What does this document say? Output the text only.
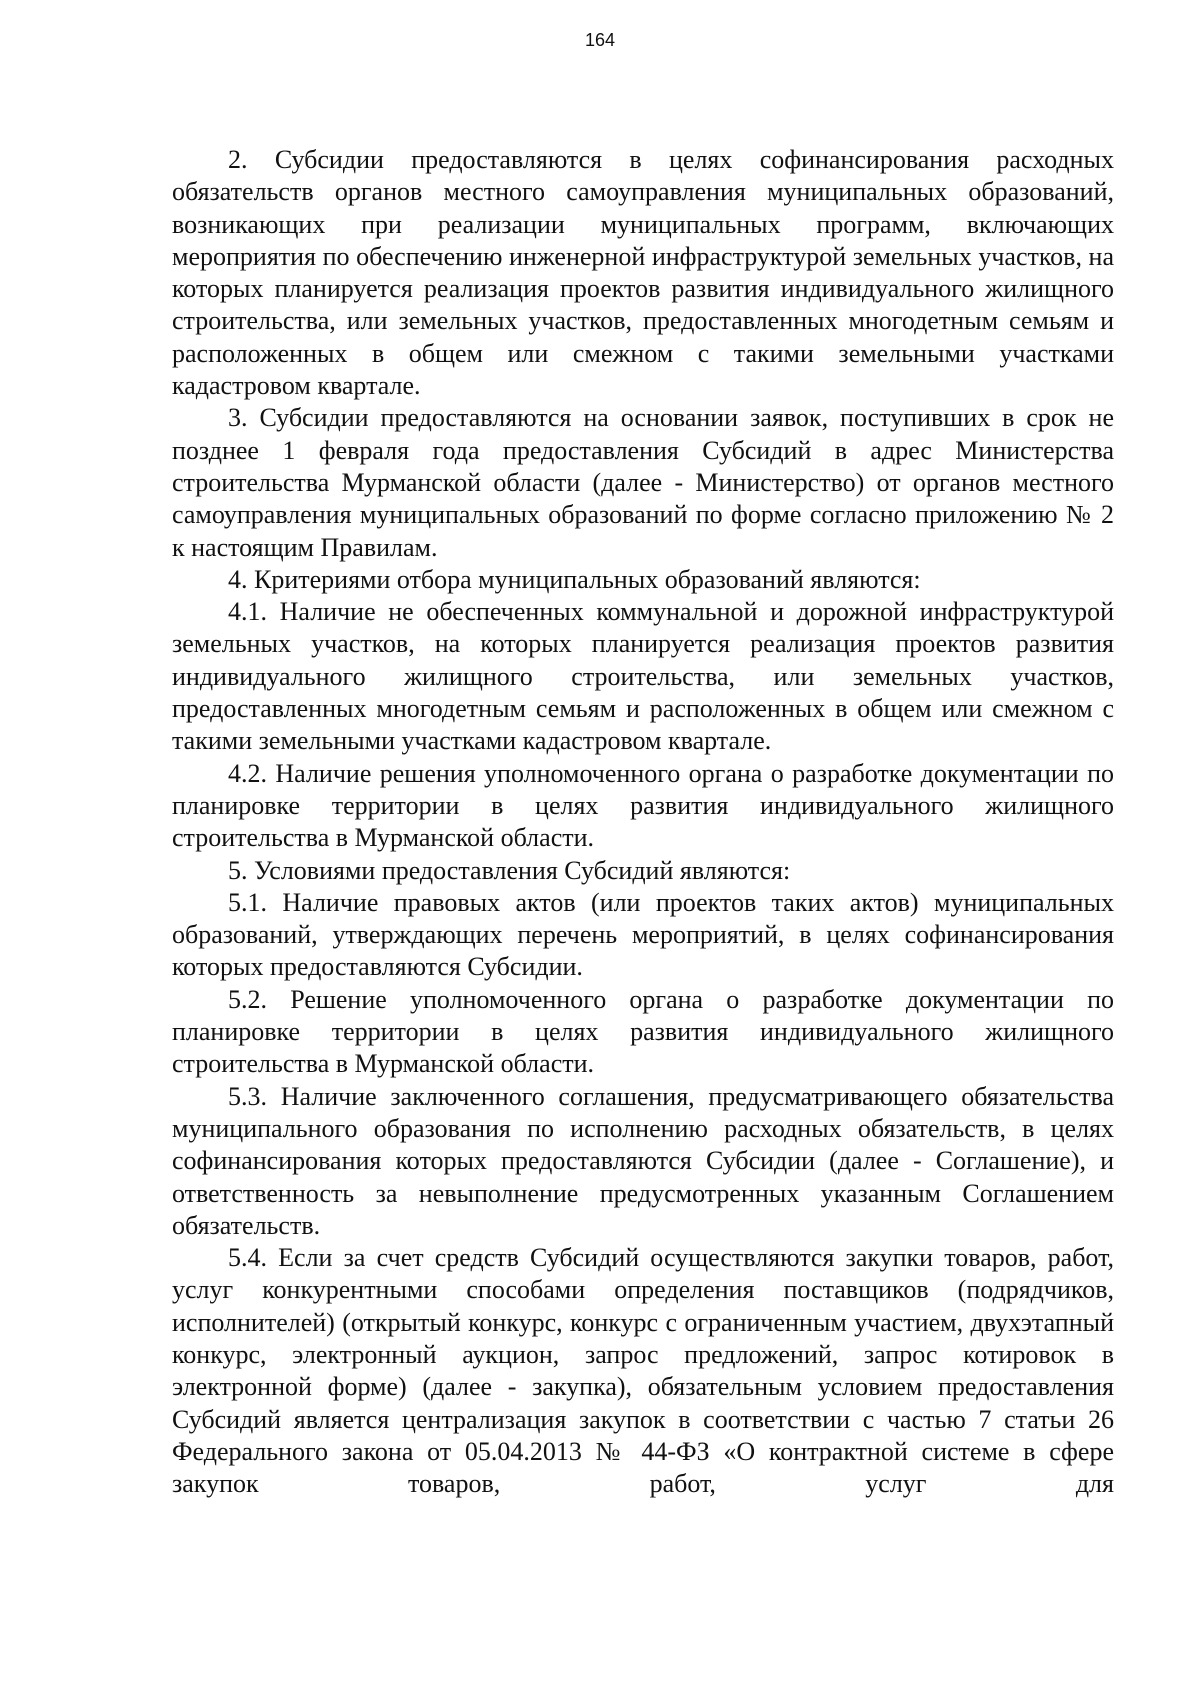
164

2. Субсидии предоставляются в целях софинансирования расходных обязательств органов местного самоуправления муниципальных образований, возникающих при реализации муниципальных программ, включающих мероприятия по обеспечению инженерной инфраструктурой земельных участков, на которых планируется реализация проектов развития индивидуального жилищного строительства, или земельных участков, предоставленных многодетным семьям и расположенных в общем или смежном с такими земельными участками кадастровом квартале.

3. Субсидии предоставляются на основании заявок, поступивших в срок не позднее 1 февраля года предоставления Субсидий в адрес Министерства строительства Мурманской области (далее - Министерство) от органов местного самоуправления муниципальных образований по форме согласно приложению № 2 к настоящим Правилам.

4. Критериями отбора муниципальных образований являются:

4.1. Наличие не обеспеченных коммунальной и дорожной инфраструктурой земельных участков, на которых планируется реализация проектов развития индивидуального жилищного строительства, или земельных участков, предоставленных многодетным семьям и расположенных в общем или смежном с такими земельными участками кадастровом квартале.

4.2. Наличие решения уполномоченного органа о разработке документации по планировке территории в целях развития индивидуального жилищного строительства в Мурманской области.

5. Условиями предоставления Субсидий являются:

5.1. Наличие правовых актов (или проектов таких актов) муниципальных образований, утверждающих перечень мероприятий, в целях софинансирования которых предоставляются Субсидии.

5.2. Решение уполномоченного органа о разработке документации по планировке территории в целях развития индивидуального жилищного строительства в Мурманской области.

5.3. Наличие заключенного соглашения, предусматривающего обязательства муниципального образования по исполнению расходных обязательств, в целях софинансирования которых предоставляются Субсидии (далее - Соглашение), и ответственность за невыполнение предусмотренных указанным Соглашением обязательств.

5.4. Если за счет средств Субсидий осуществляются закупки товаров, работ, услуг конкурентными способами определения поставщиков (подрядчиков, исполнителей) (открытый конкурс, конкурс с ограниченным участием, двухэтапный конкурс, электронный аукцион, запрос предложений, запрос котировок в электронной форме) (далее - закупка), обязательным условием предоставления Субсидий является централизация закупок в соответствии с частью 7 статьи 26 Федерального закона от 05.04.2013 № 44-ФЗ «О контрактной системе в сфере закупок товаров, работ, услуг для
